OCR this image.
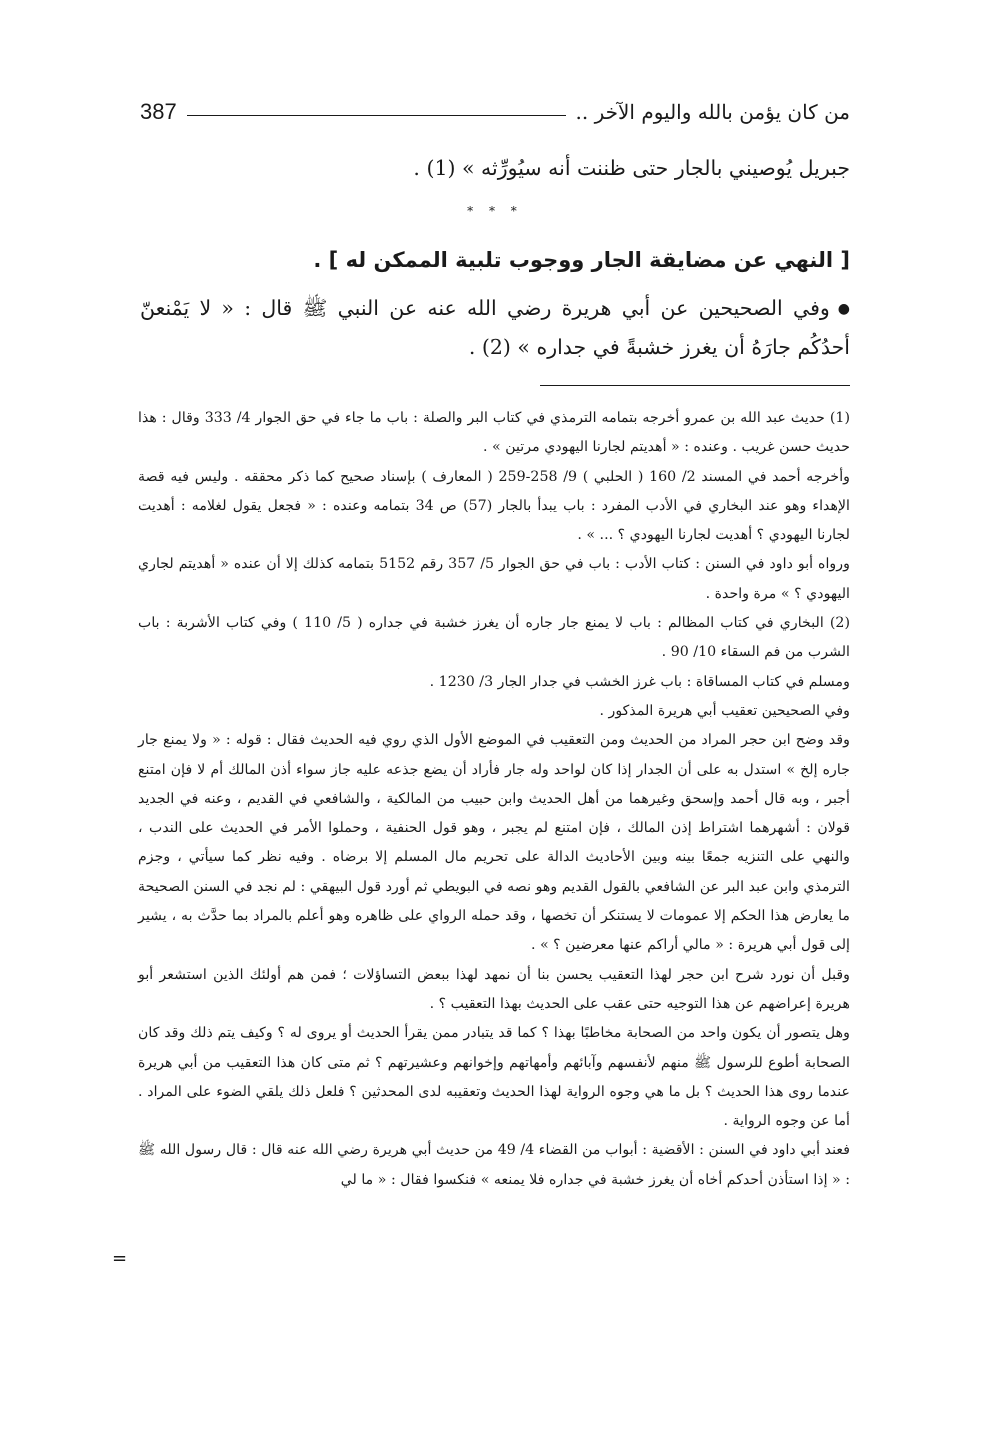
من كان يؤمن بالله واليوم الآخر ..
387

جبريل يُوصيني بالجار حتى ظننت أنه سيُورِّثه » (1) .

* * *
[ النهي عن مضايقة الجار ووجوب تلبية الممكن له ] .

●وفي الصحيحين عن أبي هريرة رضي الله عنه عن النبي ﷺ قال : « لا يَمْنعنّ أحدُكُم جارَهُ أن يغرز خشبةً في جداره » (2) .

(1) حديث عبد الله بن عمرو أخرجه بتمامه الترمذي في كتاب البر والصلة : باب ما جاء في حق الجوار 4/ 333 وقال : هذا حديث حسن غريب . وعنده : « أهديتم لجارنا اليهودي مرتين » .

وأخرجه أحمد في المسند 2/ 160 ( الحلبي ) 9/ 258-259 ( المعارف ) بإسناد صحيح كما ذكر محققه . وليس فيه قصة الإهداء وهو عند البخاري في الأدب المفرد : باب يبدأ بالجار (57) ص 34 بتمامه وعنده : « فجعل يقول لغلامه : أهديت لجارنا اليهودي ؟ أهديت لجارنا اليهودي ؟ ... » .

ورواه أبو داود في السنن : كتاب الأدب : باب في حق الجوار 5/ 357 رقم 5152 بتمامه كذلك إلا أن عنده « أهديتم لجاري اليهودي ؟ » مرة واحدة .

(2) البخاري في كتاب المظالم : باب لا يمنع جار جاره أن يغرز خشبة في جداره ( 5/ 110 ) وفي كتاب الأشربة : باب الشرب من فم السقاء 10/ 90 .

ومسلم في كتاب المساقاة : باب غرز الخشب في جدار الجار 3/ 1230 .

وفي الصحيحين تعقيب أبي هريرة المذكور .

وقد وضح ابن حجر المراد من الحديث ومن التعقيب في الموضع الأول الذي روي فيه الحديث فقال : قوله : « ولا يمنع جار جاره إلخ » استدل به على أن الجدار إذا كان لواحد وله جار فأراد أن يضع جذعه عليه جاز سواء أذن المالك أم لا فإن امتنع أجبر ، وبه قال أحمد وإسحق وغيرهما من أهل الحديث وابن حبيب من المالكية ، والشافعي في القديم ، وعنه في الجديد قولان : أشهرهما اشتراط إذن المالك ، فإن امتنع لم يجبر ، وهو قول الحنفية ، وحملوا الأمر في الحديث على الندب ، والنهي على التنزيه جمعًا بينه وبين الأحاديث الدالة على تحريم مال المسلم إلا برضاه . وفيه نظر كما سيأتي ، وجزم الترمذي وابن عبد البر عن الشافعي بالقول القديم وهو نصه في البويطي ثم أورد قول البيهقي : لم نجد في السنن الصحيحة ما يعارض هذا الحكم إلا عمومات لا يستنكر أن تخصها ، وقد حمله الرواي على ظاهره وهو أعلم بالمراد بما حدَّث به ، يشير إلى قول أبي هريرة : « مالي أراكم عنها معرضين ؟ » .

وقبل أن نورد شرح ابن حجر لهذا التعقيب يحسن بنا أن نمهد لهذا ببعض التساؤلات ؛ فمن هم أولئك الذين استشعر أبو هريرة إعراضهم عن هذا التوجيه حتى عقب على الحديث بهذا التعقيب ؟ .

وهل يتصور أن يكون واحد من الصحابة مخاطبًا بهذا ؟ كما قد يتبادر ممن يقرأ الحديث أو يروى له ؟ وكيف يتم ذلك وقد كان الصحابة أطوع للرسول ﷺ منهم لأنفسهم وآبائهم وأمهاتهم وإخوانهم وعشيرتهم ؟ ثم متى كان هذا التعقيب من أبي هريرة عندما روى هذا الحديث ؟ بل ما هي وجوه الرواية لهذا الحديث وتعقيبه لدى المحدثين ؟ فلعل ذلك يلقي الضوء على المراد . أما عن وجوه الرواية .

فعند أبي داود في السنن : الأقضية : أبواب من القضاء 4/ 49 من حديث أبي هريرة رضي الله عنه قال : قال رسول الله ﷺ : « إذا استأذن أحدكم أخاه أن يغرز خشبة في جداره فلا يمنعه » فنكسوا فقال : « ما لي

=
